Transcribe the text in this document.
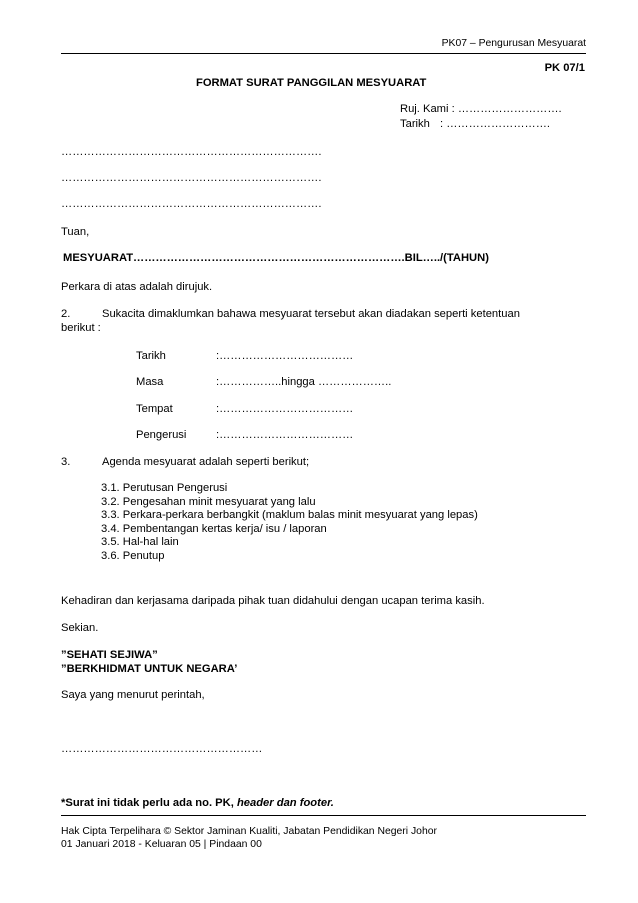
PK07 – Pengurusan Mesyuarat
PK 07/1
FORMAT SURAT PANGGILAN MESYUARAT
Ruj. Kami : ……………………….
Tarikh : ……………………….
…………………………………………………………….
…………………………………………………………….
…………………………………………………………….
Tuan,
MESYUARAT……………………………………………………………….BIL…../(TAHUN)
Perkara di atas adalah dirujuk.
2.	Sukacita dimaklumkan bahawa mesyuarat tersebut akan diadakan seperti ketentuan
berikut :
Tarikh	:………………………………
Masa	:……………..hingga ………………..
Tempat	:………………………………
Pengerusi	:………………………………
3.	Agenda mesyuarat adalah seperti berikut;
3.1. Perutusan Pengerusi
3.2. Pengesahan minit mesyuarat yang lalu
3.3. Perkara-perkara berbangkit (maklum balas minit mesyuarat yang lepas)
3.4. Pembentangan kertas kerja/ isu / laporan
3.5. Hal-hal lain
3.6. Penutup
Kehadiran dan kerjasama daripada pihak tuan didahului dengan ucapan terima kasih.
Sekian.
”SEHATI SEJIWA”
”BERKHIDMAT UNTUK NEGARA’
Saya yang menurut perintah,
………………………………………………
*Surat ini tidak perlu ada no. PK, header dan footer.
Hak Cipta Terpelihara © Sektor Jaminan Kualiti, Jabatan Pendidikan Negeri Johor
01 Januari 2018 - Keluaran 05 | Pindaan 00
